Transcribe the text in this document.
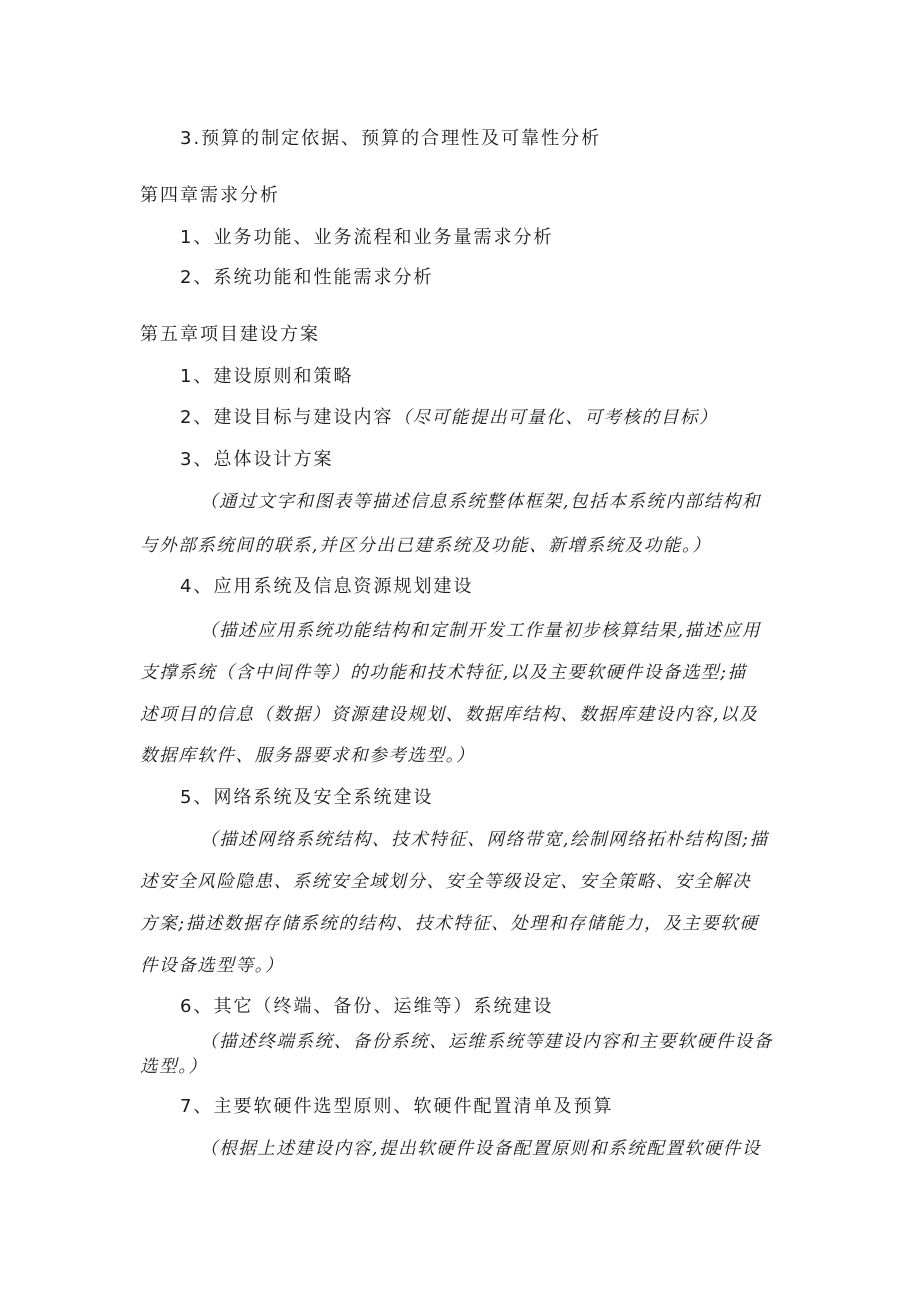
3.预算的制定依据、预算的合理性及可靠性分析
第四章需求分析
1、业务功能、业务流程和业务量需求分析
2、系统功能和性能需求分析
第五章项目建设方案
1、建设原则和策略
2、建设目标与建设内容（尽可能提出可量化、可考核的目标）
3、总体设计方案
（通过文字和图表等描述信息系统整体框架,包括本系统内部结构和
与外部系统间的联系,并区分出已建系统及功能、新增系统及功能。）
4、应用系统及信息资源规划建设
（描述应用系统功能结构和定制开发工作量初步核算结果,描述应用
支撑系统（含中间件等）的功能和技术特征,以及主要软硬件设备选型;描
述项目的信息（数据）资源建设规划、数据库结构、数据库建设内容,以及
数据库软件、服务器要求和参考选型。）
5、网络系统及安全系统建设
（描述网络系统结构、技术特征、网络带宽,绘制网络拓朴结构图;描
述安全风险隐患、系统安全域划分、安全等级设定、安全策略、安全解决
方案;描述数据存储系统的结构、技术特征、处理和存储能力，及主要软硬
件设备选型等。）
6、其它（终端、备份、运维等）系统建设
（描述终端系统、备份系统、运维系统等建设内容和主要软硬件设备
选型。）
7、主要软硬件选型原则、软硬件配置清单及预算
（根据上述建设内容,提出软硬件设备配置原则和系统配置软硬件设
